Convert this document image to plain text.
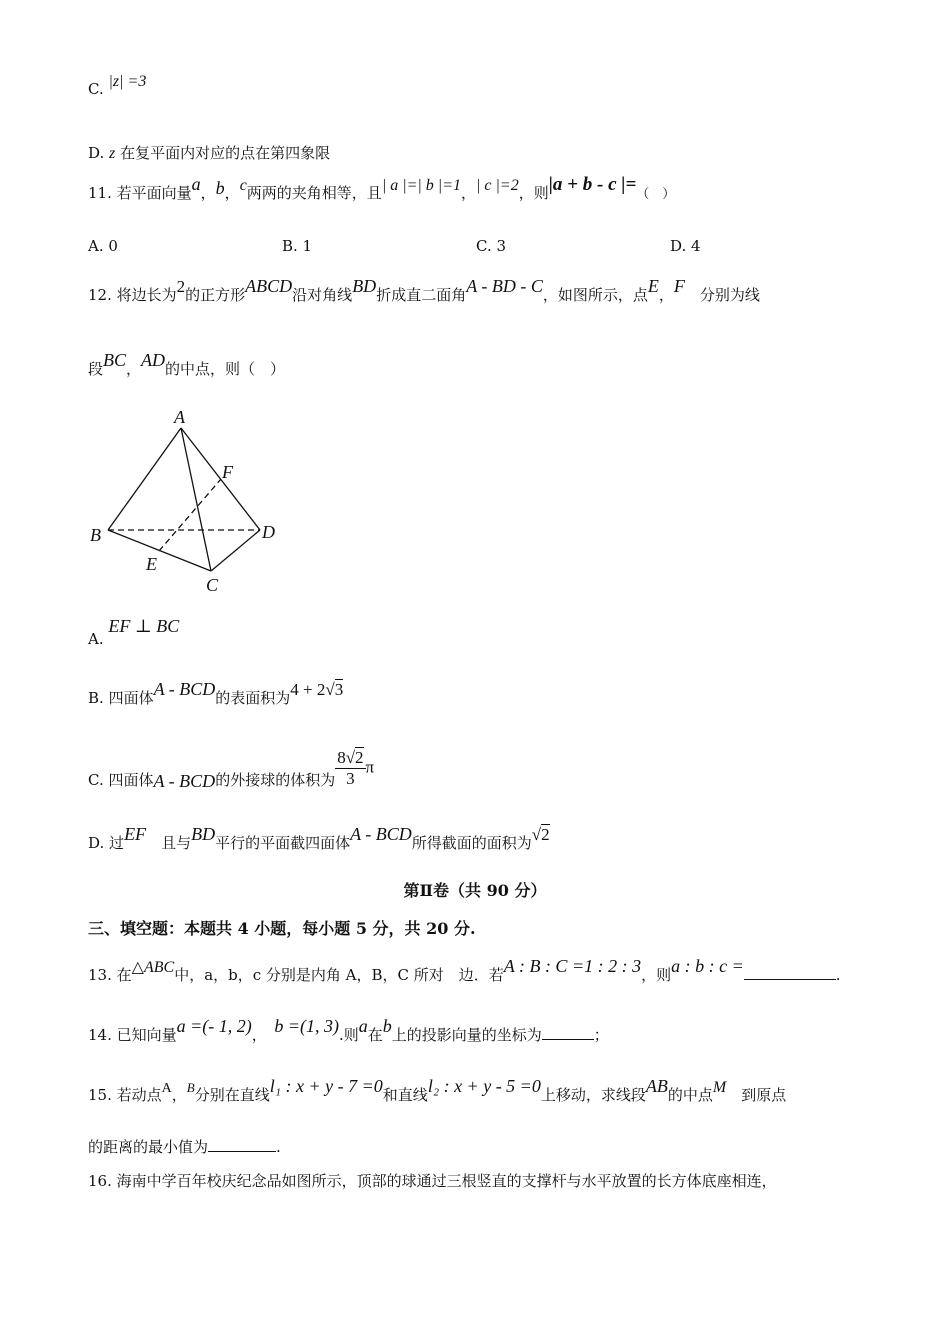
C. |z| =3
D. z 在复平面内对应的点在第四象限
11. 若平面向量a，b，c两两的夹角相等，且| a |=| b |=1，| c |=2，则|a + b - c |=（　）
A. 0	B. 1	C. 3	D. 4
12. 将边长为2的正方形ABCD沿对角线BD折成直二面角A - BD - C，如图所示，点E，F　 分别为线
段BC，AD的中点，则（　）
A
B
C
D
E
F
A. EF ⊥ BC
B. 四面体A - BCD的表面积为4 + 2√3
C. 四面体A - BCD的外接球的体积为 $\frac{8√2}{3}$ π
D. 过EF　 且与BD平行的平面截四面体A - BCD所得截面的面积为√2
第Ⅱ卷（共 90 分）
三、填空题：本题共 4 小题，每小题 5 分，共 20 分.
13. 在△ABC中，a，b，c 分别是内角 A，B，C 所对　边．若A : B : C =1 : 2 : 3，则a : b : c =	.
14. 已知向量a =(- 1, 2)，　 b =(1, 3).则a在b上的投影向量的坐标为	；
15. 若动点A，B分别在直线l₁ : x + y - 7 =0和直线l₂ : x + y - 5 =0上移动，求线段AB的中点M　 到原点
的距离的最小值为	.
16. 海南中学百年校庆纪念品如图所示，顶部的球通过三根竖直的支撑杆与水平放置的长方体底座相连，
